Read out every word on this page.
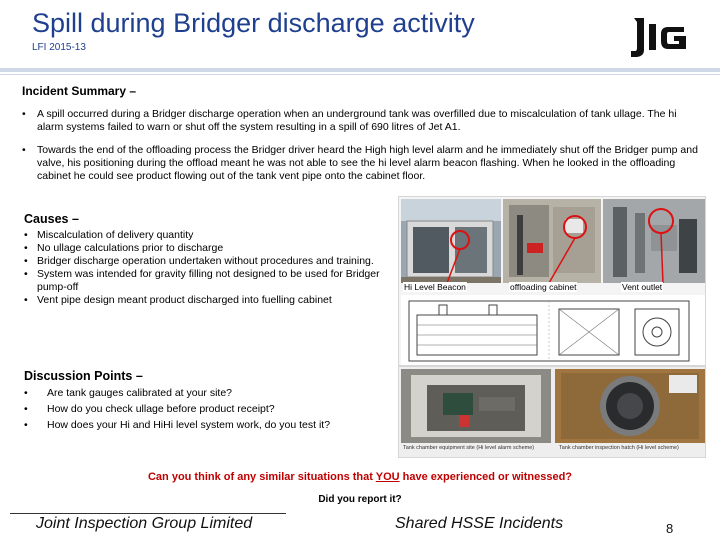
Spill during Bridger discharge activity
LFI 2015-13	JIG
Incident Summary –
• A spill occurred during a Bridger discharge operation when an underground tank was overfilled due to miscalculation of tank ullage. The hi alarm systems failed to warn or shut off the system resulting in a spill of 690 litres of Jet A1.
• Towards the end of the offloading process the Bridger driver heard the High high level alarm and he immediately shut off the Bridger pump and valve, his positioning during the offload meant he was not able to see the hi level alarm beacon flashing. When he looked in the offloading cabinet he could see product flowing out of the tank vent pipe onto the cabinet floor.
Causes –
• Miscalculation of delivery quantity
• No ullage calculations prior to discharge
• Bridger discharge operation undertaken without procedures and training.
• System was intended for gravity filling not designed to be used for Bridger pump-off
• Vent pipe design meant product discharged into fuelling cabinet
Discussion Points –
• Are tank gauges calibrated at your site?
• How do you check ullage before product receipt?
• How does your Hi and HiHi level system work, do you test it?
Hi Level Beacon	offloading cabinet	Vent outlet
Tank chamber equipment site (Hi level alarm scheme)	Tank chamber inspection hatch (Hi level scheme)
Can you think of any similar situations that YOU have experienced or witnessed?
Did you report it?
Joint Inspection Group Limited	Shared HSSE Incidents	8
